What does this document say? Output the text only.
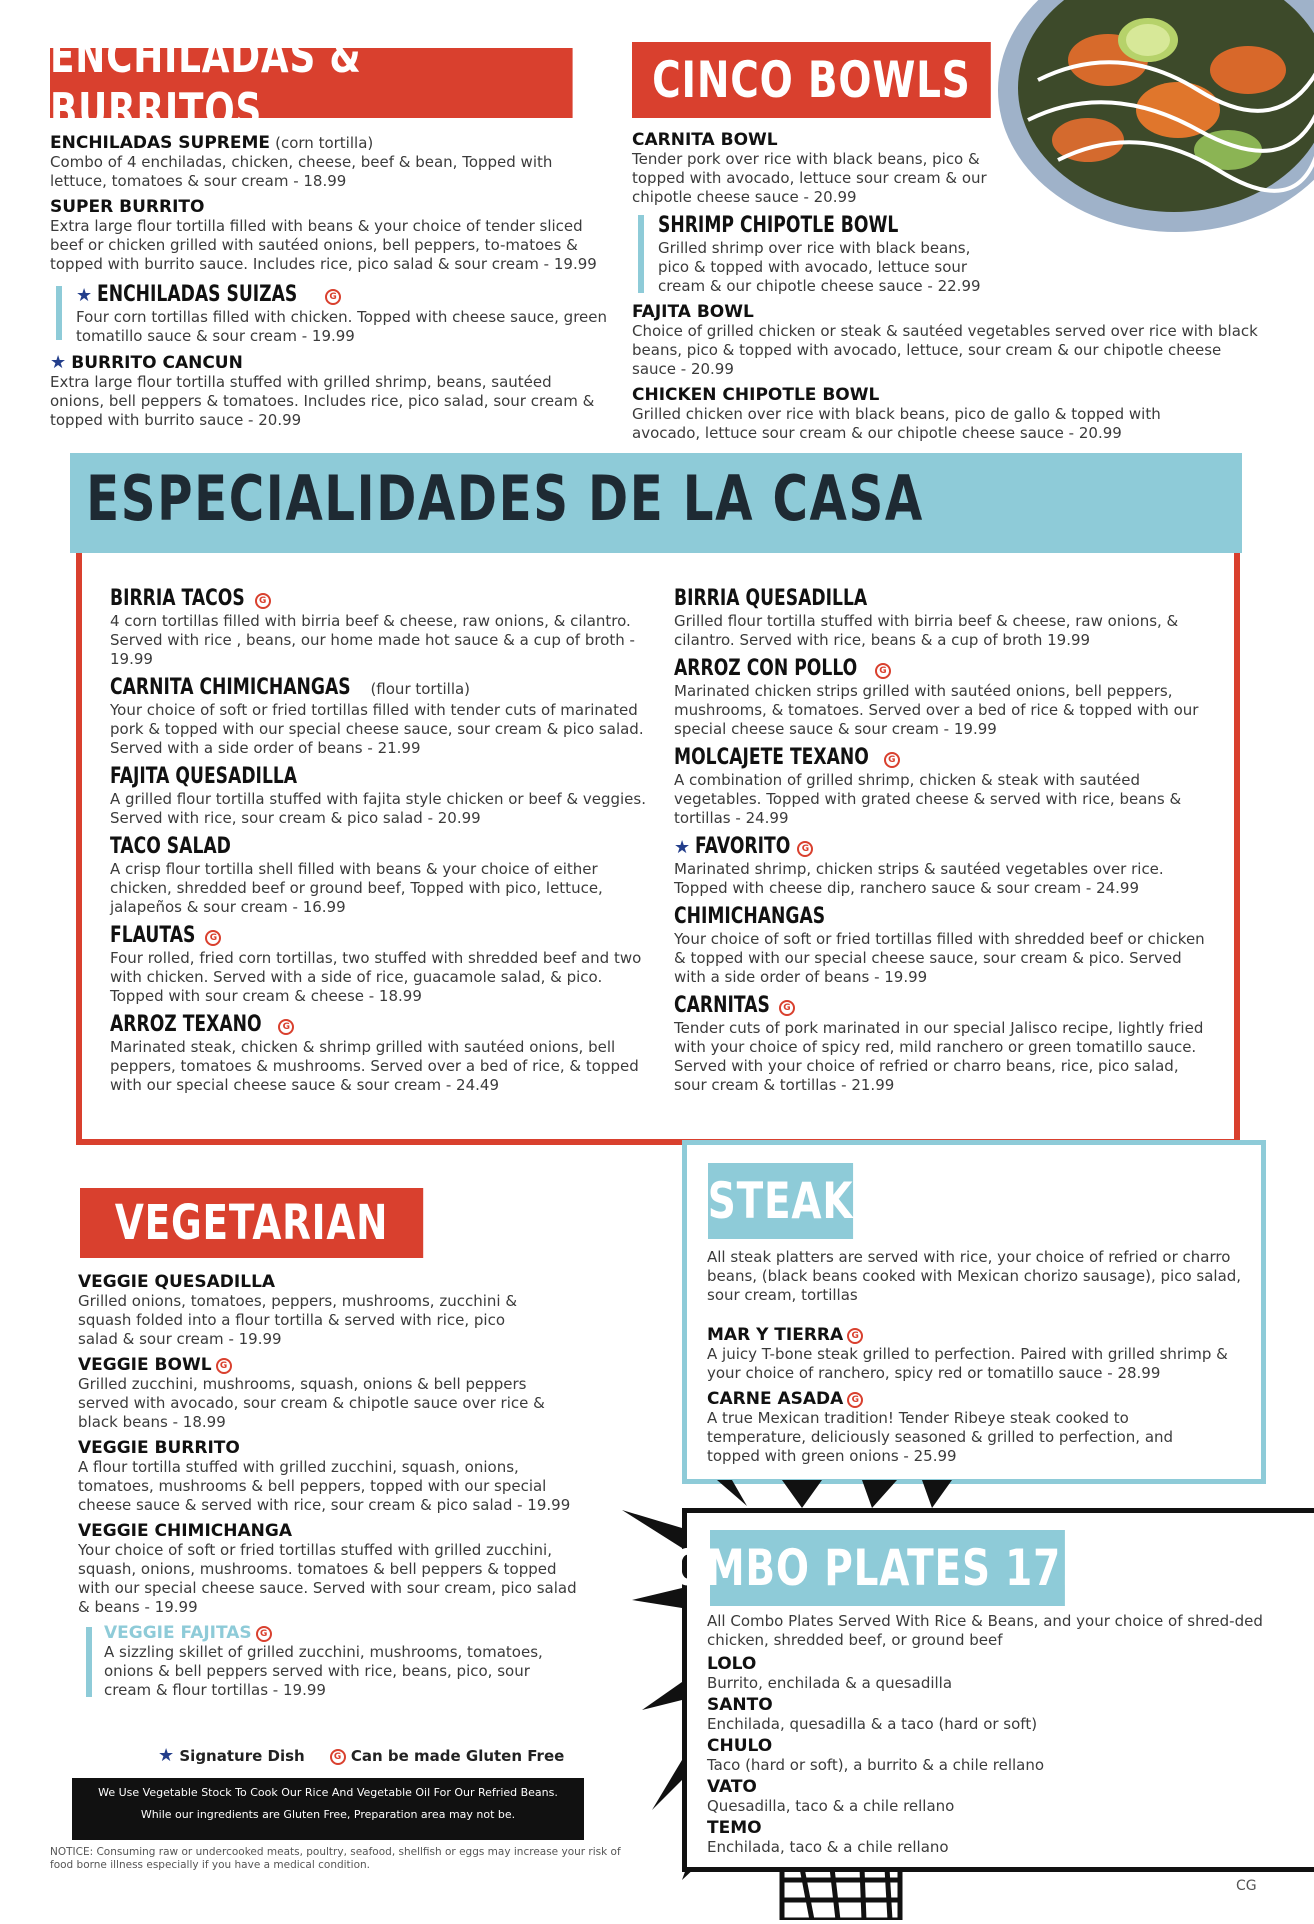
ENCHILADAS & BURRITOS
ENCHILADAS SUPREME (corn tortilla)
Combo of 4 enchiladas, chicken, cheese, beef & bean, Topped with lettuce, tomatoes & sour cream - 18.99
SUPER BURRITO
Extra large flour tortilla filled with beans & your choice of tender sliced beef or chicken grilled with sautéed onions, bell peppers, to-matoes & topped with burrito sauce. Includes rice, pico salad & sour cream - 19.99
★ ENCHILADAS SUIZAS	G
Four corn tortillas filled with chicken. Topped with cheese sauce, green tomatillo sauce & sour cream - 19.99
★ BURRITO CANCUN
Extra large flour tortilla stuffed with grilled shrimp, beans, sautéed onions, bell peppers & tomatoes. Includes rice, pico salad, sour cream & topped with burrito sauce - 20.99
CINCO BOWLS
CARNITA BOWL
Tender pork over rice with black beans, pico & topped with avocado, lettuce sour cream & our chipotle cheese sauce - 20.99
SHRIMP CHIPOTLE BOWL
Grilled shrimp over rice with black beans, pico & topped with avocado, lettuce sour cream & our chipotle cheese sauce - 22.99
FAJITA BOWL
Choice of grilled chicken or steak & sautéed vegetables served over rice with black beans, pico & topped with avocado, lettuce, sour cream & our chipotle cheese sauce - 20.99
CHICKEN CHIPOTLE BOWL
Grilled chicken over rice with black beans, pico de gallo & topped with avocado, lettuce sour cream & our chipotle cheese sauce - 20.99
ESPECIALIDADES DE LA CASA
BIRRIA TACOS G
4 corn tortillas filled with birria beef & cheese, raw onions, & cilantro. Served with rice , beans, our home made hot sauce & a cup of broth - 19.99
CARNITA CHIMICHANGAS (flour tortilla)
Your choice of soft or fried tortillas filled with tender cuts of marinated pork & topped with our special cheese sauce, sour cream & pico salad. Served with a side order of beans - 21.99
FAJITA QUESADILLA
A grilled flour tortilla stuffed with fajita style chicken or beef & veggies. Served with rice, sour cream & pico salad - 20.99
TACO SALAD
A crisp flour tortilla shell filled with beans & your choice of either chicken, shredded beef or ground beef, Topped with pico, lettuce, jalapeños & sour cream - 16.99
FLAUTAS G
Four rolled, fried corn tortillas, two stuffed with shredded beef and two with chicken. Served with a side of rice, guacamole salad, & pico. Topped with sour cream & cheese - 18.99
ARROZ TEXANO G
Marinated steak, chicken & shrimp grilled with sautéed onions, bell peppers, tomatoes & mushrooms. Served over a bed of rice, & topped with our special cheese sauce & sour cream - 24.49
BIRRIA QUESADILLA
Grilled flour tortilla stuffed with birria beef & cheese, raw onions, & cilantro. Served with rice, beans & a cup of broth 19.99
ARROZ CON POLLO G
Marinated chicken strips grilled with sautéed onions, bell peppers, mushrooms, & tomatoes. Served over a bed of rice & topped with our special cheese sauce & sour cream - 19.99
MOLCAJETE TEXANO G
A combination of grilled shrimp, chicken & steak with sautéed vegetables. Topped with grated cheese & served with rice, beans & tortillas - 24.99
★ FAVORITO G
Marinated shrimp, chicken strips & sautéed vegetables over rice. Topped with cheese dip, ranchero sauce & sour cream - 24.99
CHIMICHANGAS
Your choice of soft or fried tortillas filled with shredded beef or chicken & topped with our special cheese sauce, sour cream & pico. Served with a side order of beans - 19.99
CARNITAS G
Tender cuts of pork marinated in our special Jalisco recipe, lightly fried with your choice of spicy red, mild ranchero or green tomatillo sauce. Served with your choice of refried or charro beans, rice, pico salad, sour cream & tortillas - 21.99
VEGETARIAN
VEGGIE QUESADILLA
Grilled onions, tomatoes, peppers, mushrooms, zucchini & squash folded into a flour tortilla & served with rice, pico salad & sour cream - 19.99
VEGGIE BOWL G
Grilled zucchini, mushrooms, squash, onions & bell peppers served with avocado, sour cream & chipotle sauce over rice & black beans - 18.99
VEGGIE BURRITO
A flour tortilla stuffed with grilled zucchini, squash, onions, tomatoes, mushrooms & bell peppers, topped with our special cheese sauce & served with rice, sour cream & pico salad - 19.99
VEGGIE CHIMICHANGA
Your choice of soft or fried tortillas stuffed with grilled zucchini, squash, onions, mushrooms. tomatoes & bell peppers & topped with our special cheese sauce. Served with sour cream, pico salad & beans - 19.99
VEGGIE FAJITAS G
A sizzling skillet of grilled zucchini, mushrooms, tomatoes, onions & bell peppers served with rice, beans, pico, sour cream & flour tortillas - 19.99
★ Signature Dish	G Can be made Gluten Free
We Use Vegetable Stock To Cook Our Rice And Vegetable Oil For Our Refried Beans.
While our ingredients are Gluten Free, Preparation area may not be.
NOTICE: Consuming raw or undercooked meats, poultry, seafood, shellfish or eggs may increase your risk of food borne illness especially if you have a medical condition.
STEAK
All steak platters are served with rice, your choice of refried or charro beans, (black beans cooked with Mexican chorizo sausage), pico salad, sour cream, tortillas
MAR Y TIERRA G
A juicy T-bone steak grilled to perfection. Paired with grilled shrimp & your choice of ranchero, spicy red or tomatillo sauce - 28.99
CARNE ASADA G
A true Mexican tradition! Tender Ribeye steak cooked to temperature, deliciously seasoned & grilled to perfection, and topped with green onions - 25.99
COMBO PLATES 17.99
All Combo Plates Served With Rice & Beans, and your choice of shred-ded chicken, shredded beef, or ground beef
LOLO
Burrito, enchilada & a quesadilla
SANTO
Enchilada, quesadilla & a taco (hard or soft)
CHULO
Taco (hard or soft), a burrito & a chile rellano
VATO
Quesadilla, taco & a chile rellano
TEMO
Enchilada, taco & a chile rellano
CG
